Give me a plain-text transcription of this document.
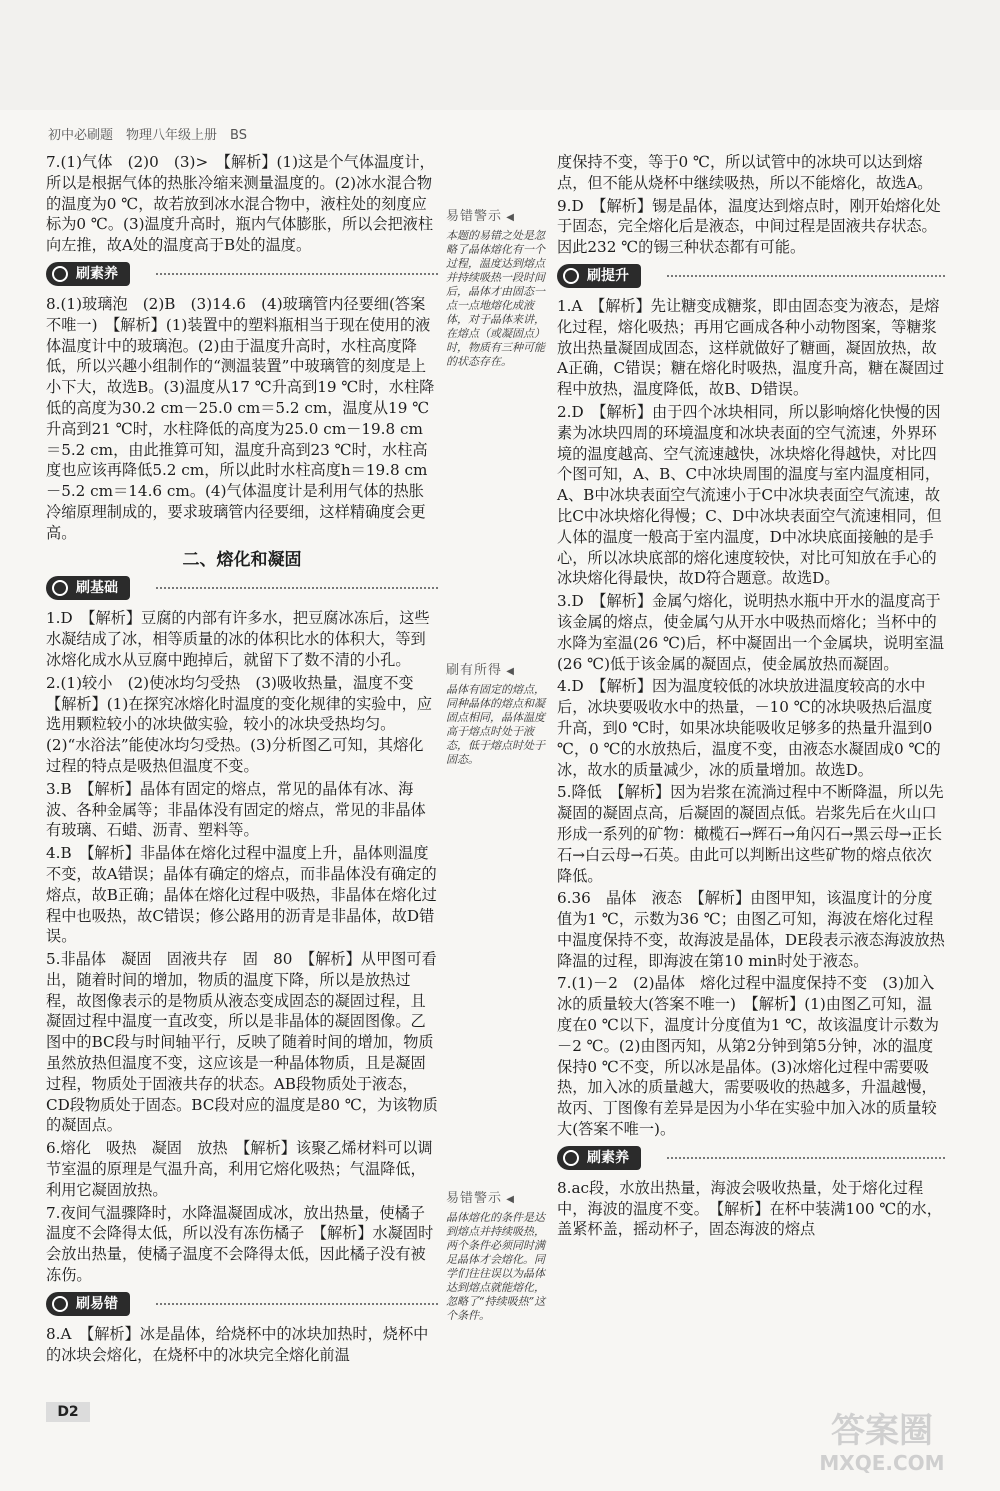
初中必刷题　物理八年级上册　BS
7.(1)气体　(2)0　(3)>　【解析】(1)这是个气体温度计，所以是根据气体的热胀冷缩来测量温度的。(2)冰水混合物的温度为0 ℃，故若放到冰水混合物中，液柱处的刻度应标为0 ℃。(3)温度升高时，瓶内气体膨胀，所以会把液柱向左推，故A处的温度高于B处的温度。
刷素养
8.(1)玻璃泡　(2)B　(3)14.6　(4)玻璃管内径要细(答案不唯一)　【解析】(1)装置中的塑料瓶相当于现在使用的液体温度计中的玻璃泡。(2)由于温度升高时，水柱高度降低，所以兴趣小组制作的“测温装置”中玻璃管的刻度是上小下大，故选B。(3)温度从17 ℃升高到19 ℃时，水柱降低的高度为30.2 cm－25.0 cm＝5.2 cm，温度从19 ℃升高到21 ℃时，水柱降低的高度为25.0 cm－19.8 cm＝5.2 cm，由此推算可知，温度升高到23 ℃时，水柱高度也应该再降低5.2 cm，所以此时水柱高度h＝19.8 cm－5.2 cm＝14.6 cm。(4)气体温度计是利用气体的热胀冷缩原理制成的，要求玻璃管内径要细，这样精确度会更高。
二、熔化和凝固
刷基础
1.D　【解析】豆腐的内部有许多水，把豆腐冰冻后，这些水凝结成了冰，相等质量的冰的体积比水的体积大，等到冰熔化成水从豆腐中跑掉后，就留下了数不清的小孔。
2.(1)较小　(2)使冰均匀受热　(3)吸收热量，温度不变　【解析】(1)在探究冰熔化时温度的变化规律的实验中，应选用颗粒较小的冰块做实验，较小的冰块受热均匀。(2)“水浴法”能使冰均匀受热。(3)分析图乙可知，其熔化过程的特点是吸热但温度不变。
3.B　【解析】晶体有固定的熔点，常见的晶体有冰、海波、各种金属等；非晶体没有固定的熔点，常见的非晶体有玻璃、石蜡、沥青、塑料等。
4.B　【解析】非晶体在熔化过程中温度上升，晶体则温度不变，故A错误；晶体有确定的熔点，而非晶体没有确定的熔点，故B正确；晶体在熔化过程中吸热，非晶体在熔化过程中也吸热，故C错误；修公路用的沥青是非晶体，故D错误。
5.非晶体　凝固　固液共存　固　80　【解析】从甲图可看出，随着时间的增加，物质的温度下降，所以是放热过程，故图像表示的是物质从液态变成固态的凝固过程，且凝固过程中温度一直改变，所以是非晶体的凝固图像。乙图中的BC段与时间轴平行，反映了随着时间的增加，物质虽然放热但温度不变，这应该是一种晶体物质，且是凝固过程，物质处于固液共存的状态。AB段物质处于液态，CD段物质处于固态。BC段对应的温度是80 ℃，为该物质的凝固点。
6.熔化　吸热　凝固　放热　【解析】该聚乙烯材料可以调节室温的原理是气温升高，利用它熔化吸热；气温降低，利用它凝固放热。
7.夜间气温骤降时，水降温凝固成冰，放出热量，使橘子温度不会降得太低，所以没有冻伤橘子　【解析】水凝固时会放出热量，使橘子温度不会降得太低，因此橘子没有被冻伤。
刷易错
8.A　【解析】冰是晶体，给烧杯中的冰块加热时，烧杯中的冰块会熔化，在烧杯中的冰块完全熔化前温
易错警示 ◀
本题的易错之处是忽略了晶体熔化有一个过程，温度达到熔点并持续吸热一段时间后，晶体才由固态一点一点地熔化成液体，对于晶体来讲，在熔点（或凝固点）时，物质有三种可能的状态存在。
刷有所得 ◀
晶体有固定的熔点，同种晶体的熔点和凝固点相同，晶体温度高于熔点时处于液态，低于熔点时处于固态。
易错警示 ◀
晶体熔化的条件是达到熔点并持续吸热，两个条件必须同时满足晶体才会熔化。同学们往往误以为晶体达到熔点就能熔化，忽略了“持续吸热”这个条件。
度保持不变，等于0 ℃，所以试管中的冰块可以达到熔点，但不能从烧杯中继续吸热，所以不能熔化，故选A。
9.D　【解析】锡是晶体，温度达到熔点时，刚开始熔化处于固态，完全熔化后是液态，中间过程是固液共存状态。因此232 ℃的锡三种状态都有可能。
刷提升
1.A　【解析】先让糖变成糖浆，即由固态变为液态，是熔化过程，熔化吸热；再用它画成各种小动物图案，等糖浆放出热量凝固成固态，这样就做好了糖画，凝固放热，故A正确，C错误；糖在熔化时吸热，温度升高，糖在凝固过程中放热，温度降低，故B、D错误。
2.D　【解析】由于四个冰块相同，所以影响熔化快慢的因素为冰块四周的环境温度和冰块表面的空气流速，外界环境的温度越高、空气流速越快，冰块熔化得越快，对比四个图可知，A、B、C中冰块周围的温度与室内温度相同，A、B中冰块表面空气流速小于C中冰块表面空气流速，故比C中冰块熔化得慢；C、D中冰块表面空气流速相同，但人体的温度一般高于室内温度，D中冰块底面接触的是手心，所以冰块底部的熔化速度较快，对比可知放在手心的冰块熔化得最快，故D符合题意。故选D。
3.D　【解析】金属勺熔化，说明热水瓶中开水的温度高于该金属的熔点，使金属勺从开水中吸热而熔化；当杯中的水降为室温(26 ℃)后，杯中凝固出一个金属块，说明室温(26 ℃)低于该金属的凝固点，使金属放热而凝固。
4.D　【解析】因为温度较低的冰块放进温度较高的水中后，冰块要吸收水中的热量，－10 ℃的冰块吸热后温度升高，到0 ℃时，如果冰块能吸收足够多的热量升温到0 ℃，0 ℃的水放热后，温度不变，由液态水凝固成0 ℃的冰，故水的质量减少，冰的质量增加。故选D。
5.降低　【解析】因为岩浆在流淌过程中不断降温，所以先凝固的凝固点高，后凝固的凝固点低。岩浆先后在火山口形成一系列的矿物：橄榄石→辉石→角闪石→黑云母→正长石→白云母→石英。由此可以判断出这些矿物的熔点依次降低。
6.36　晶体　液态　【解析】由图甲知，该温度计的分度值为1 ℃，示数为36 ℃；由图乙可知，海波在熔化过程中温度保持不变，故海波是晶体，DE段表示液态海波放热降温的过程，即海波在第10 min时处于液态。
7.(1)－2　(2)晶体　熔化过程中温度保持不变　(3)加入冰的质量较大(答案不唯一)　【解析】(1)由图乙可知，温度在0 ℃以下，温度计分度值为1 ℃，故该温度计示数为－2 ℃。(2)由图丙知，从第2分钟到第5分钟，冰的温度保持0 ℃不变，所以冰是晶体。(3)冰熔化过程中需要吸热，加入冰的质量越大，需要吸收的热越多，升温越慢，故丙、丁图像有差异是因为小华在实验中加入冰的质量较大(答案不唯一)。
刷素养
8.ac段，水放出热量，海波会吸收热量，处于熔化过程中，海波的温度不变。　【解析】在杯中装满100 ℃的水，盖紧杯盖，摇动杯子，固态海波的熔点
D2	答案圈
MXQE.COM
